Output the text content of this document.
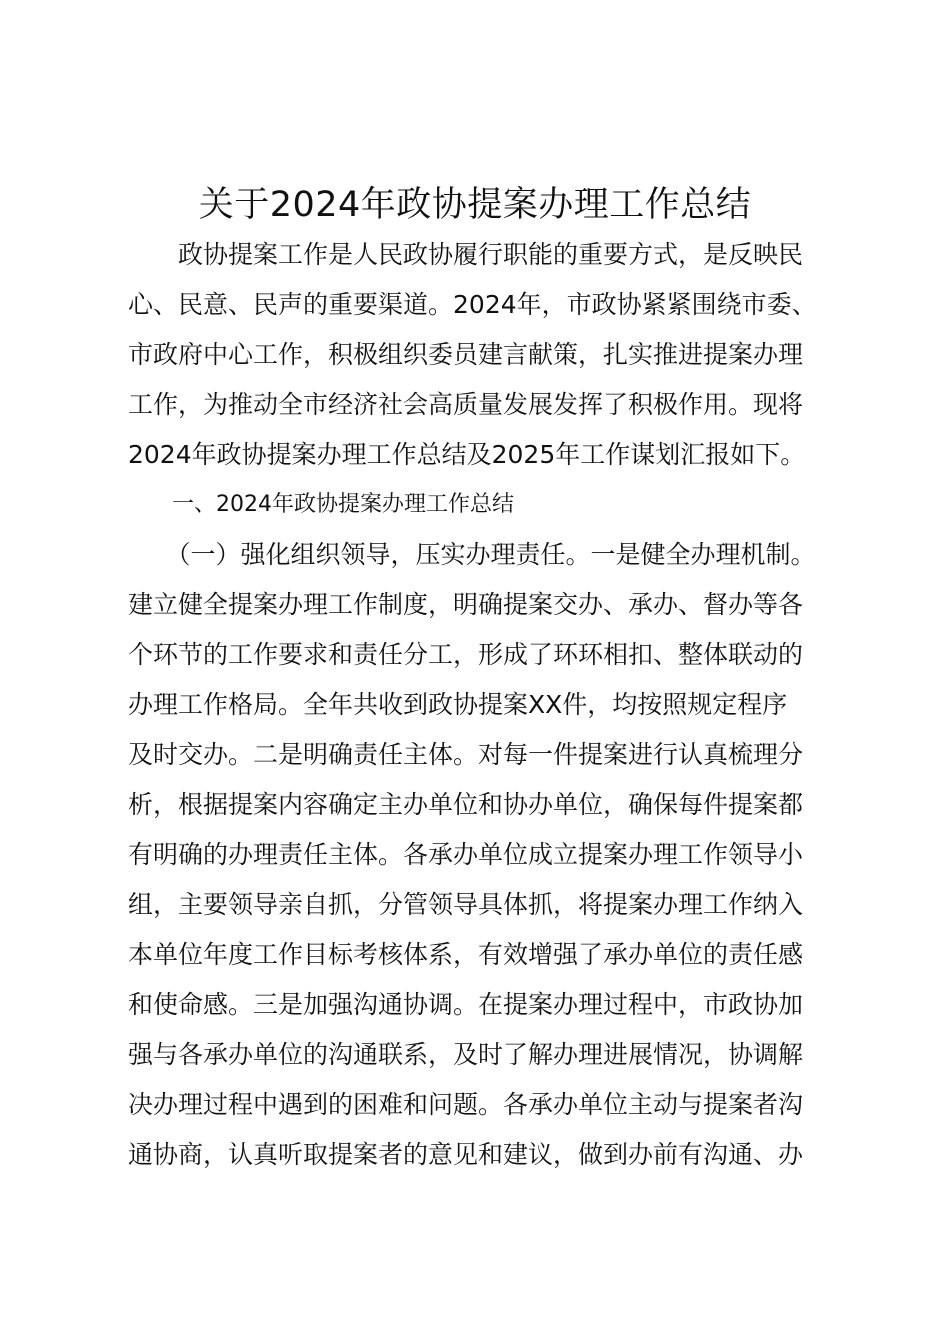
关于2024年政协提案办理工作总结
　　政协提案工作是人民政协履行职能的重要方式，是反映民
心、民意、民声的重要渠道。2024年，市政协紧紧围绕市委、
市政府中心工作，积极组织委员建言献策，扎实推进提案办理
工作，为推动全市经济社会高质量发展发挥了积极作用。现将
2024年政协提案办理工作总结及2025年工作谋划汇报如下。
　　一、2024年政协提案办理工作总结
　　（一）强化组织领导，压实办理责任。一是健全办理机制。
建立健全提案办理工作制度，明确提案交办、承办、督办等各
个环节的工作要求和责任分工，形成了环环相扣、整体联动的
办理工作格局。全年共收到政协提案XX件，均按照规定程序
及时交办。二是明确责任主体。对每一件提案进行认真梳理分
析，根据提案内容确定主办单位和协办单位，确保每件提案都
有明确的办理责任主体。各承办单位成立提案办理工作领导小
组，主要领导亲自抓，分管领导具体抓，将提案办理工作纳入
本单位年度工作目标考核体系，有效增强了承办单位的责任感
和使命感。三是加强沟通协调。在提案办理过程中，市政协加
强与各承办单位的沟通联系，及时了解办理进展情况，协调解
决办理过程中遇到的困难和问题。各承办单位主动与提案者沟
通协商，认真听取提案者的意见和建议，做到办前有沟通、办
